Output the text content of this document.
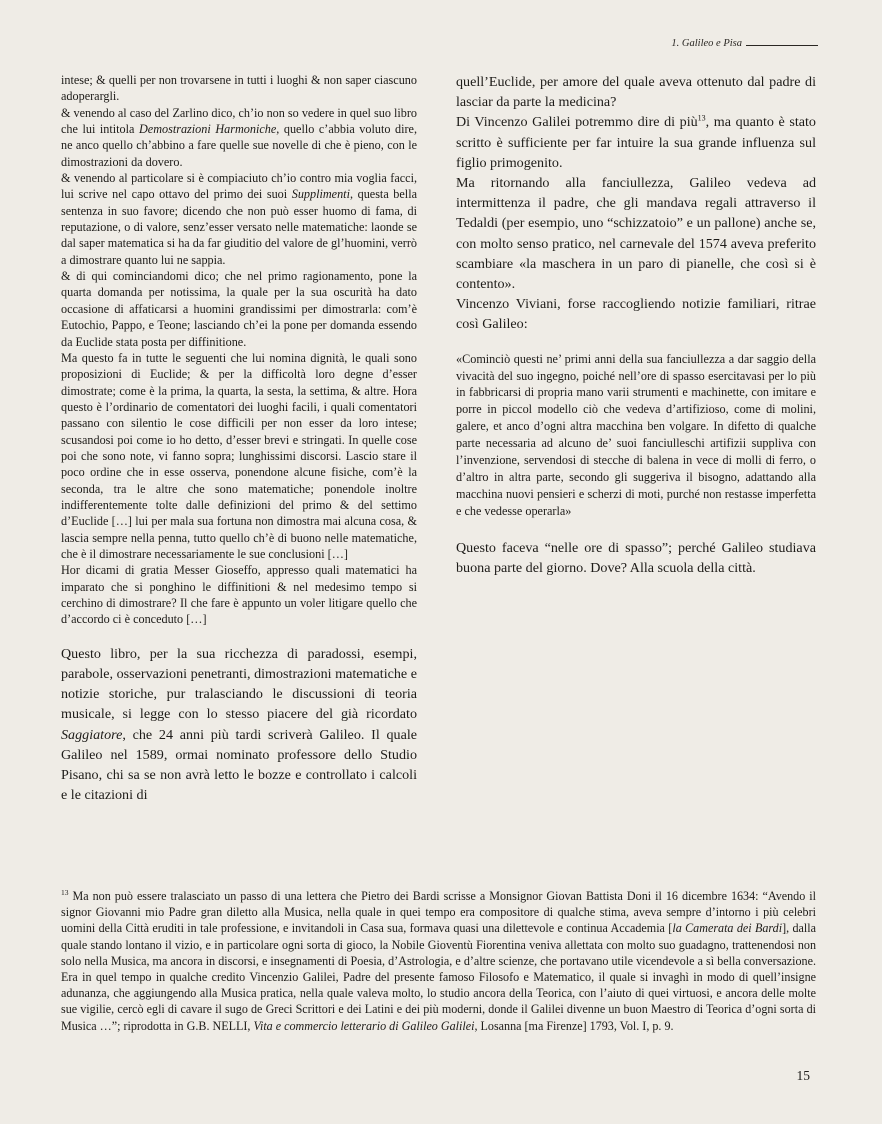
1. Galileo e Pisa

intese; & quelli per non trovarsene in tutti i luoghi & non saper ciascuno adoperargli.

& venendo al caso del Zarlino dico, ch’io non so vedere in quel suo libro che lui intitola Demostrazioni Harmoniche, quello c’abbia voluto dire, ne anco quello ch’abbino a fare quelle sue novelle di che è pieno, con le dimostrazioni da dovero.

& venendo al particolare si è compiaciuto ch’io contro mia voglia facci, lui scrive nel capo ottavo del primo dei suoi Supplimenti, questa bella sentenza in suo favore; dicendo che non può esser huomo di fama, di reputazione, o di valore, senz’esser versato nelle matematiche: laonde se dal saper matematica si ha da far giuditio del valore de gl’huomini, verrò a dimostrare quanto lui ne sappia.

& di qui comincіandomi dico; che nel primo ragionamento, pone la quarta domanda per notissima, la quale per la sua oscurità ha dato occasione di affaticarsi a huomini grandissimi per dimostrarla: com’è Eutochio, Pappo, e Teone; lasciando ch’ei la pone per domanda essendo da Euclide stata posta per diffinitione.

Ma questo fa in tutte le seguenti che lui nomina dignità, le quali sono proposizioni di Euclide; & per la difficoltà loro degne d’esser dimostrate; come è la prima, la quarta, la sesta, la settima, & altre. Hora questo è l’ordinario de comentatori dei luoghi facili, i quali comentatori passano con silentio le cose difficili per non esser da loro intese; scusandosi poi come io ho detto, d’esser brevi e stringati. In quelle cose poi che sono note, vi fanno sopra; lunghissimi discorsi. Lascio stare il poco ordine che in esse osserva, ponendone alcune fisiche, com’è la seconda, tra le altre che sono matematiche; ponendole inoltre indifferentemente tolte dalle definizioni del primo & del settimo d’Euclide […] lui per mala sua fortuna non dimostra mai alcuna cosa, & lascia sempre nella penna, tutto quello ch’è di buono nelle matematiche, che è il dimostrare necessariamente le sue conclusioni […]

Hor dicami di gratia Messer Gioseffo, appresso quali matematici ha imparato che si ponghino le diffinitioni & nel medesimo tempo si cerchino di dimostrare? Il che fare è appunto un voler litigare quello che d’accordo ci è conceduto […]

Questo libro, per la sua ricchezza di paradossi, esempi, parabole, osservazioni penetranti, dimostrazioni matematiche e notizie storiche, pur tralasciando le discussioni di teoria musicale, si legge con lo stesso piacere del già ricordato Saggiatore, che 24 anni più tardi scriverà Galileo. Il quale Galileo nel 1589, ormai nominato professore dello Studio Pisano, chi sa se non avrà letto le bozze e controllato i calcoli e le citazioni di

quell’Euclide, per amore del quale aveva ottenuto dal padre di lasciar da parte la medicina?

Di Vincenzo Galilei potremmo dire di più$^{13}$, ma quanto è stato scritto è sufficiente per far intuire la sua grande influenza sul figlio primogenito.

Ma ritornando alla fanciullezza, Galileo vedeva ad intermittenza il padre, che gli mandava regali attraverso il Tedaldi (per esempio, uno “schizzatoio” e un pallone) anche se, con molto senso pratico, nel carnevale del 1574 aveva preferito scambiare «la maschera in un paro di pianelle, che così si è contento».

Vincenzo Viviani, forse raccogliendo notizie familiari, ritrae così Galileo:

«Cominciò questi ne’ primi anni della sua fanciullezza a dar saggio della vivacità del suo ingegno, poiché nell’ore di spasso esercitavasi per lo più in fabbricarsi di propria mano varii strumenti e machinette, con imitare e porre in piccol modello ciò che vedeva d’artifizioso, come di molini, galere, et anco d’ogni altra macchina ben volgare. In difetto di qualche parte necessaria ad alcuno de’ suoi fanciulleschi artifizii suppliva con l’invenzione, servendosi di stecche di balena in vece di molli di ferro, o d’altro in altra parte, secondo gli suggeriva il bisogno, adattando alla macchina nuovi pensieri e scherzi di moti, purché non restasse imperfetta e che vedesse operarla»

Questo faceva “nelle ore di spasso”; perché Galileo studiava buona parte del giorno. Dove? Alla scuola della città.

$^{13}$ Ma non può essere tralasciato un passo di una lettera che Pietro dei Bardi scrisse a Monsignor Giovan Battista Doni il 16 dicembre 1634: “Avendo il signor Giovanni mio Padre gran diletto alla Musica, nella quale in quei tempo era compositore di qualche stima, aveva sempre d’intorno i più celebri uomini della Città eruditi in tale professione, e invitandoli in Casa sua, formava quasi una dilettevole e continua Accademia [la Camerata dei Bardi], dalla quale stando lontano il vizio, e in particolare ogni sorta di gioco, la Nobile Gioventù Fiorentina veniva allettata con molto suo guadagno, trattenendosi non solo nella Musica, ma ancora in discorsi, e insegnamenti di Poesia, d’Astrologia, e d’altre scienze, che portavano utile vicendevole a sì bella conversazione. Era in quel tempo in qualche credito Vincenzio Galilei, Padre del presente famoso Filosofo e Matematico, il quale si invaghì in modo di quell’insigne adunanza, che aggiungendo alla Musica pratica, nella quale valeva molto, lo studio ancora della Teorica, con l’aiuto di quei virtuosi, e ancora delle molte sue vigilie, cercò egli di cavare il sugo de Greci Scrittori e dei Latini e dei più moderni, donde il Galilei divenne un buon Maestro di Teorica d’ogni sorta di Musica …”; riprodotta in G.B. NELLI, Vita e commercio letterario di Galileo Galilei, Losanna [ma Firenze] 1793, Vol. I, p. 9.
15
